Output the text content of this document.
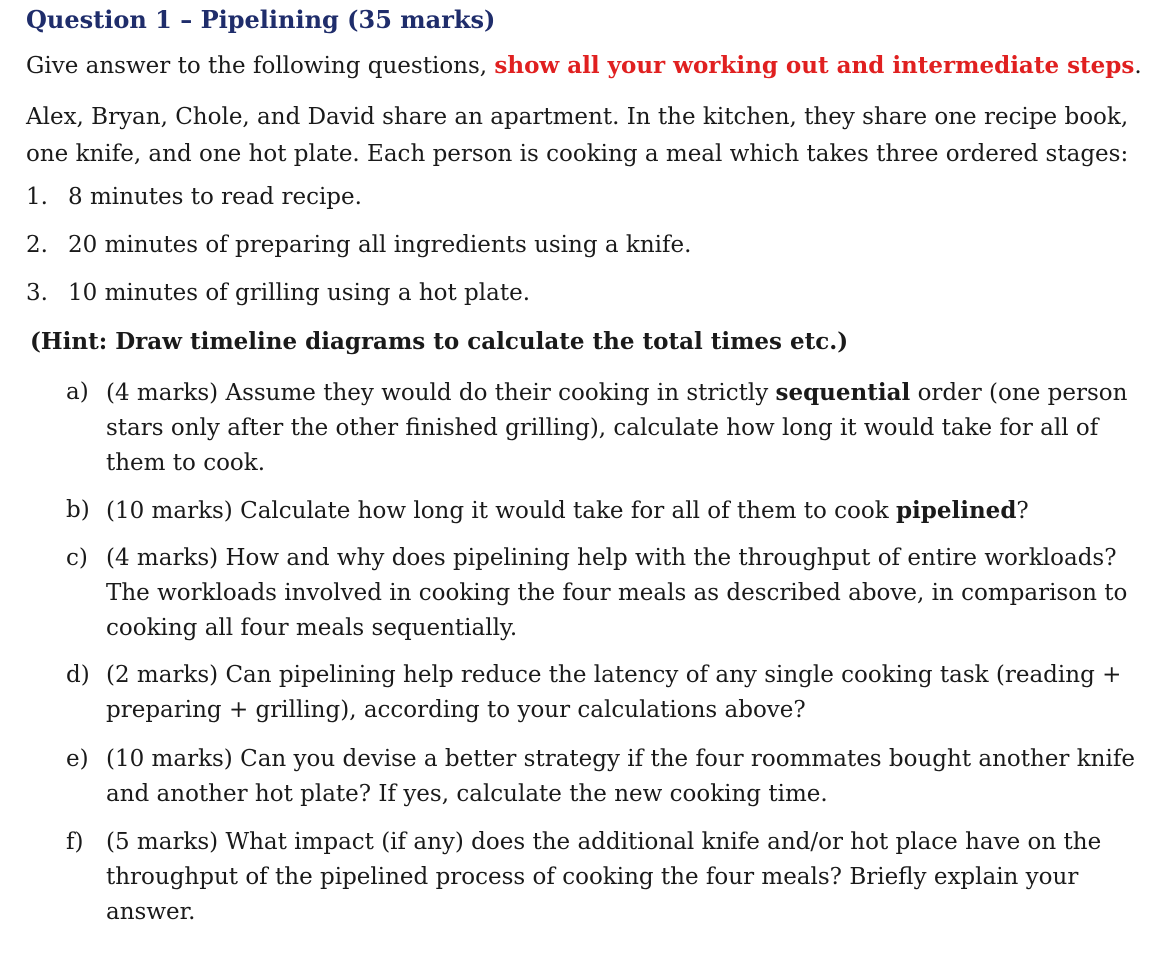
Question 1 – Pipelining (35 marks)
Give answer to the following questions, show all your working out and intermediate steps.
Alex, Bryan, Chole, and David share an apartment. In the kitchen, they share one recipe book, one knife, and one hot plate. Each person is cooking a meal which takes three ordered stages:
1. 8 minutes to read recipe.
2. 20 minutes of preparing all ingredients using a knife.
3. 10 minutes of grilling using a hot plate.
(Hint: Draw timeline diagrams to calculate the total times etc.)
a) (4 marks) Assume they would do their cooking in strictly sequential order (one person stars only after the other finished grilling), calculate how long it would take for all of them to cook.
b) (10 marks) Calculate how long it would take for all of them to cook pipelined?
c) (4 marks) How and why does pipelining help with the throughput of entire workloads? The workloads involved in cooking the four meals as described above, in comparison to cooking all four meals sequentially.
d) (2 marks) Can pipelining help reduce the latency of any single cooking task (reading + preparing + grilling), according to your calculations above?
e) (10 marks) Can you devise a better strategy if the four roommates bought another knife and another hot plate? If yes, calculate the new cooking time.
f) (5 marks) What impact (if any) does the additional knife and/or hot place have on the throughput of the pipelined process of cooking the four meals? Briefly explain your answer.
